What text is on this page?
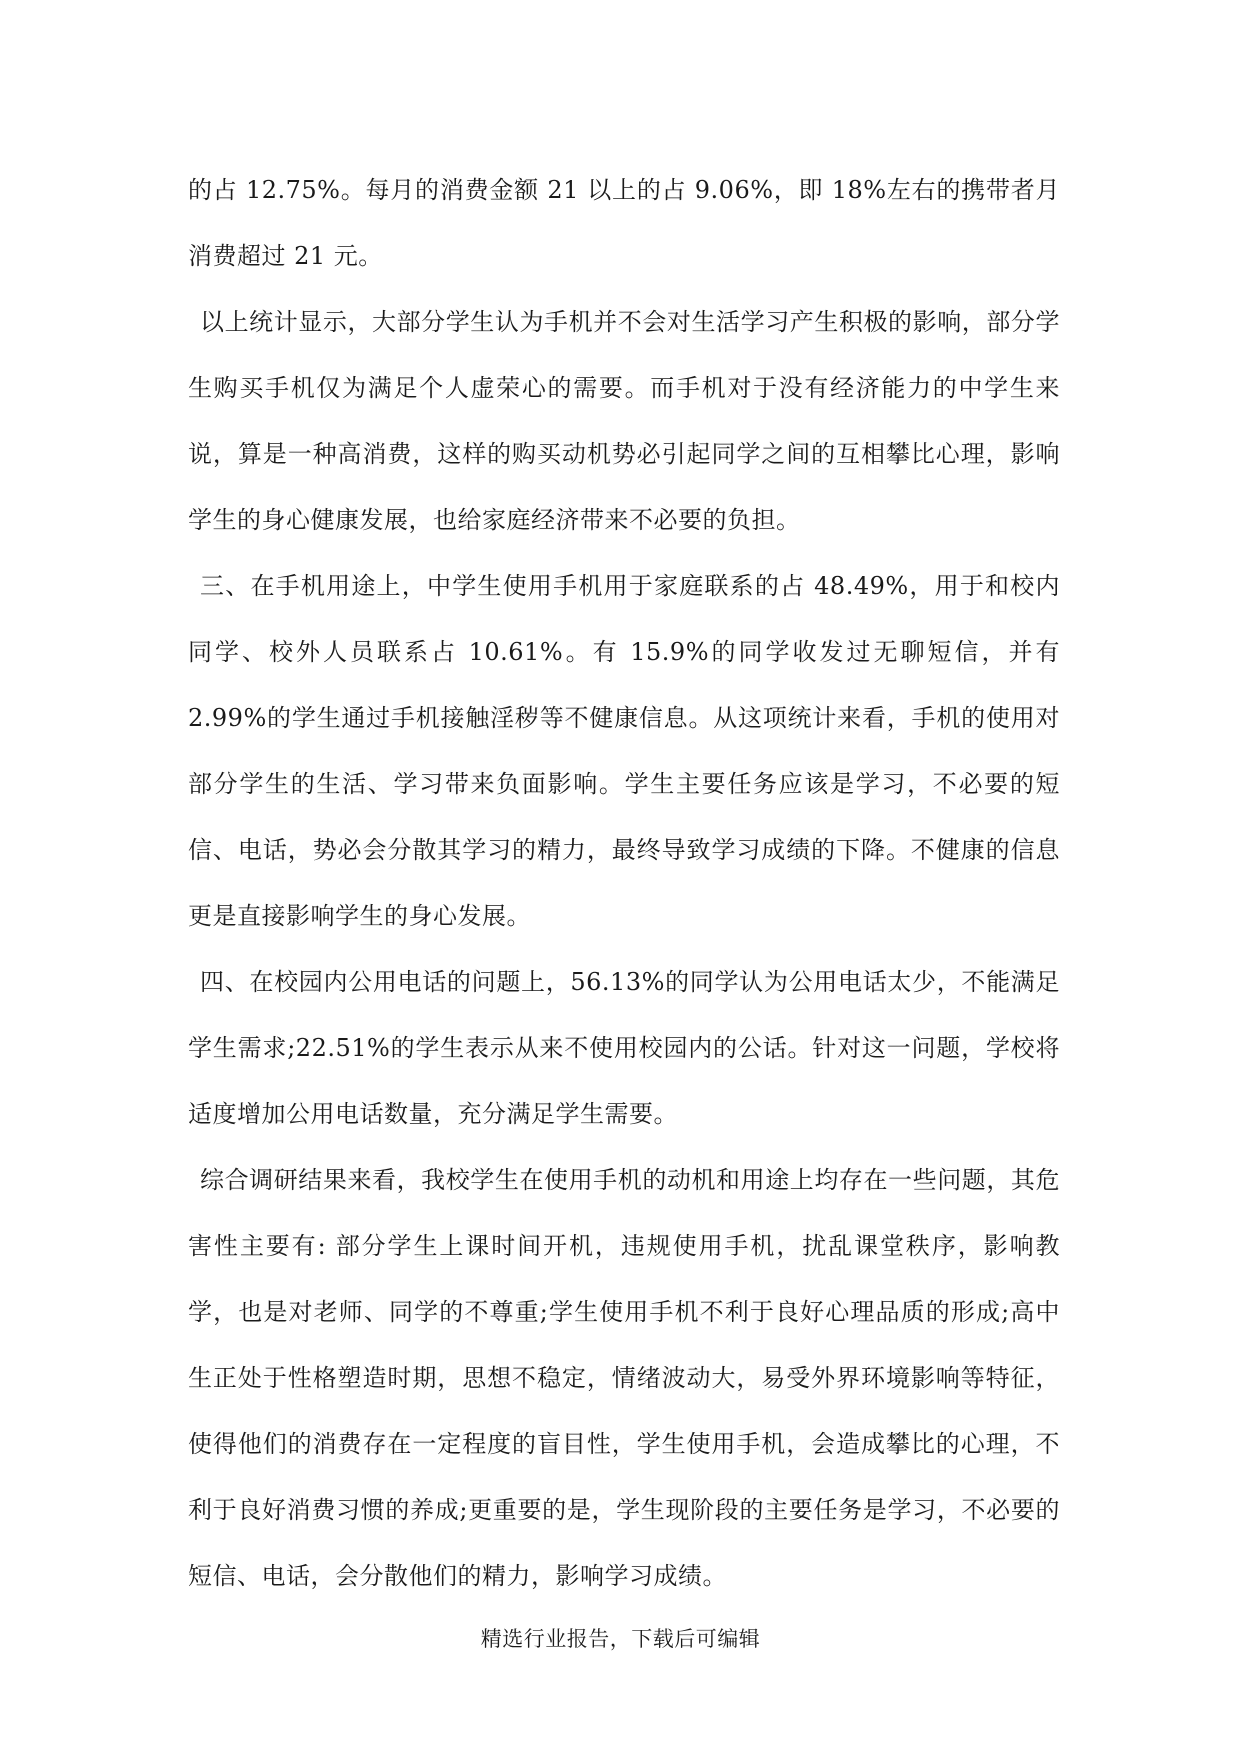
的占 12.75%。每月的消费金额 21 以上的占 9.06%，即 18%左右的携带者月消费超过 21 元。

以上统计显示，大部分学生认为手机并不会对生活学习产生积极的影响，部分学生购买手机仅为满足个人虚荣心的需要。而手机对于没有经济能力的中学生来说，算是一种高消费，这样的购买动机势必引起同学之间的互相攀比心理，影响学生的身心健康发展，也给家庭经济带来不必要的负担。

三、在手机用途上，中学生使用手机用于家庭联系的占 48.49%，用于和校内同学、校外人员联系占 10.61%。有 15.9%的同学收发过无聊短信，并有 2.99%的学生通过手机接触淫秽等不健康信息。从这项统计来看，手机的使用对部分学生的生活、学习带来负面影响。学生主要任务应该是学习，不必要的短信、电话，势必会分散其学习的精力，最终导致学习成绩的下降。不健康的信息更是直接影响学生的身心发展。

四、在校园内公用电话的问题上，56.13%的同学认为公用电话太少，不能满足学生需求;22.51%的学生表示从来不使用校园内的公话。针对这一问题，学校将适度增加公用电话数量，充分满足学生需要。

综合调研结果来看，我校学生在使用手机的动机和用途上均存在一些问题，其危害性主要有: 部分学生上课时间开机，违规使用手机，扰乱课堂秩序，影响教学，也是对老师、同学的不尊重;学生使用手机不利于良好心理品质的形成;高中生正处于性格塑造时期，思想不稳定，情绪波动大，易受外界环境影响等特征，使得他们的消费存在一定程度的盲目性，学生使用手机，会造成攀比的心理，不利于良好消费习惯的养成;更重要的是，学生现阶段的主要任务是学习，不必要的短信、电话，会分散他们的精力，影响学习成绩。

精选行业报告，下载后可编辑
